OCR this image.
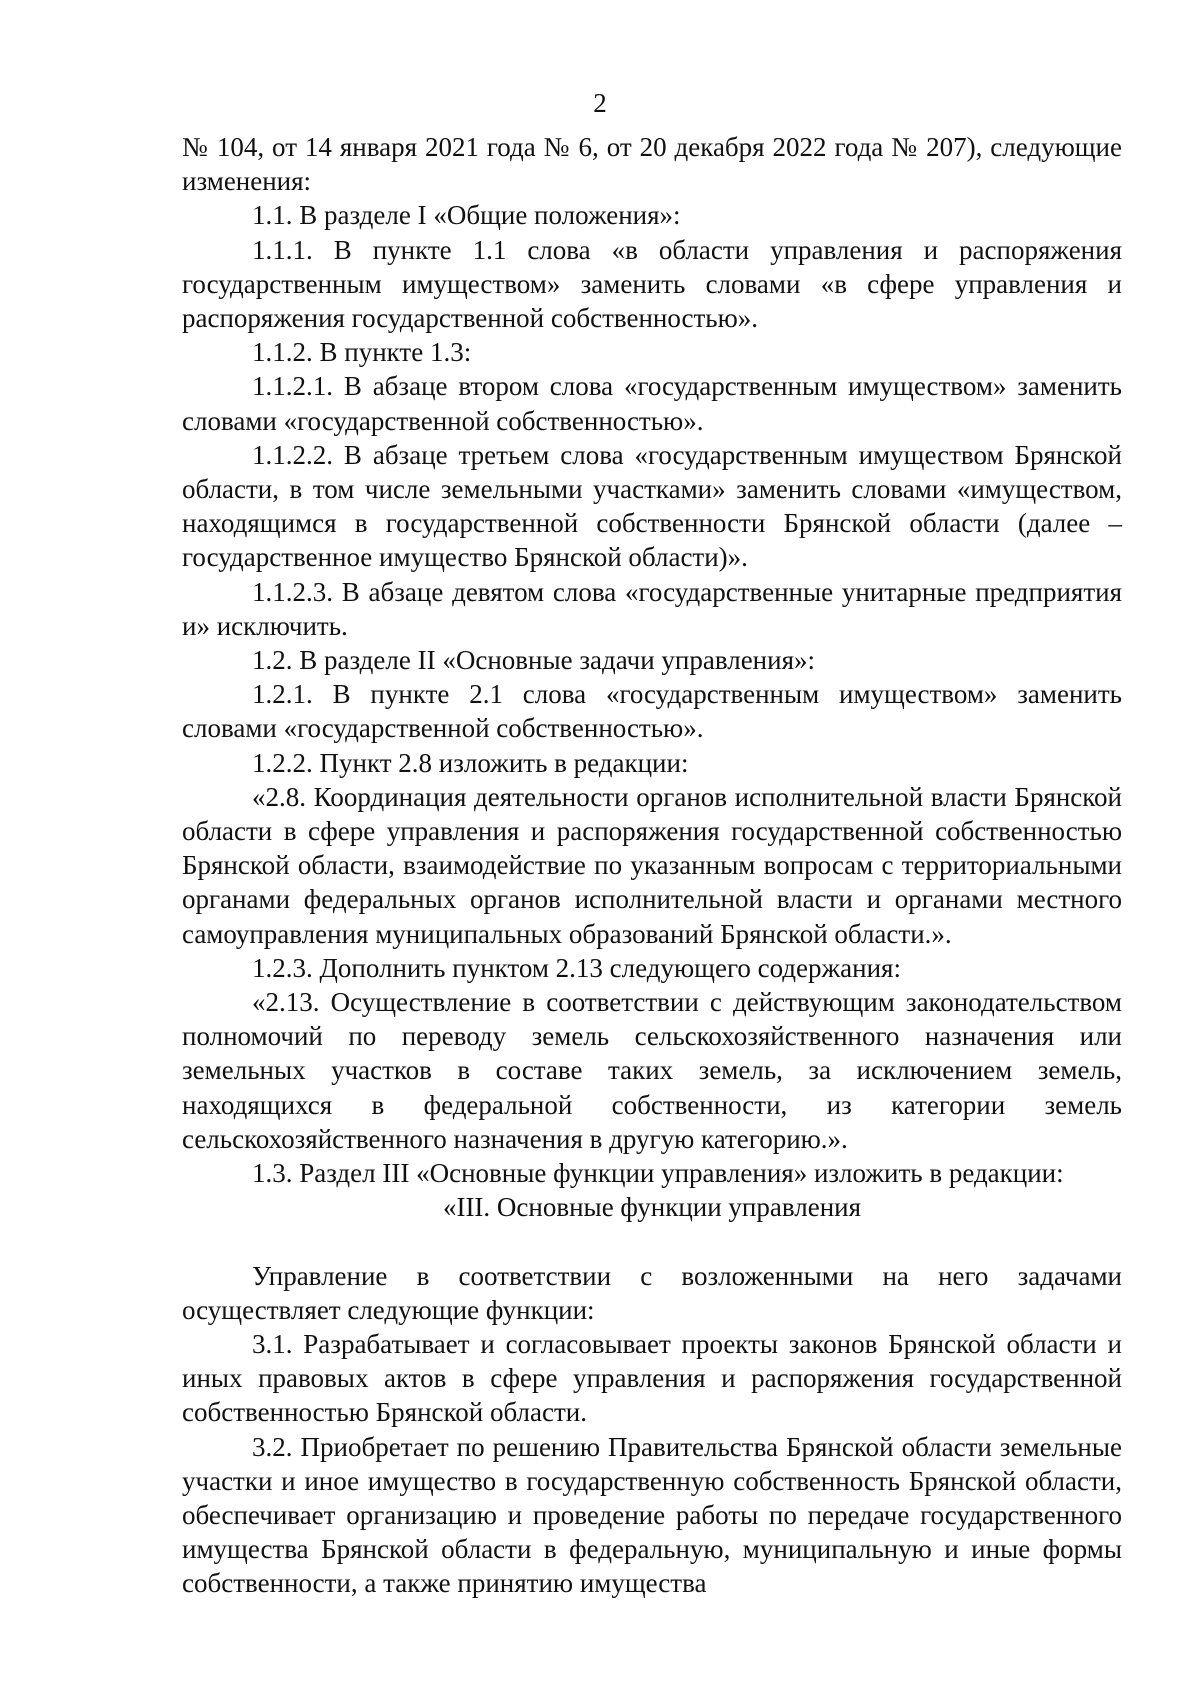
2

№ 104, от 14 января 2021 года № 6, от 20 декабря 2022 года № 207), следующие изменения:

1.1. В разделе I «Общие положения»:

1.1.1. В пункте 1.1 слова «в области управления и распоряжения государственным имуществом» заменить словами «в сфере управления и распоряжения государственной собственностью».

1.1.2. В пункте 1.3:

1.1.2.1. В абзаце втором слова «государственным имуществом» заменить словами «государственной собственностью».

1.1.2.2. В абзаце третьем слова «государственным имуществом Брянской области, в том числе земельными участками» заменить словами «имуществом, находящимся в государственной собственности Брянской области (далее – государственное имущество Брянской области)».

1.1.2.3. В абзаце девятом слова «государственные унитарные предприятия и» исключить.

1.2. В разделе II «Основные задачи управления»:

1.2.1. В пункте 2.1 слова «государственным имуществом» заменить словами «государственной собственностью».

1.2.2. Пункт 2.8 изложить в редакции:

«2.8. Координация деятельности органов исполнительной власти Брянской области в сфере управления и распоряжения государственной собственностью Брянской области, взаимодействие по указанным вопросам с территориальными органами федеральных органов исполнительной власти и органами местного самоуправления муниципальных образований Брянской области.».

1.2.3. Дополнить пунктом 2.13 следующего содержания:

«2.13. Осуществление в соответствии с действующим законодательством полномочий по переводу земель сельскохозяйственного назначения или земельных участков в составе таких земель, за исключением земель, находящихся в федеральной собственности, из категории земель сельскохозяйственного назначения в другую категорию.».

1.3. Раздел III «Основные функции управления» изложить в редакции:

«III. Основные функции управления

Управление в соответствии с возложенными на него задачами осуществляет следующие функции:

3.1. Разрабатывает и согласовывает проекты законов Брянской области и иных правовых актов в сфере управления и распоряжения государственной собственностью Брянской области.

3.2. Приобретает по решению Правительства Брянской области земельные участки и иное имущество в государственную собственность Брянской области, обеспечивает организацию и проведение работы по передаче государственного имущества Брянской области в федеральную, муниципальную и иные формы собственности, а также принятию имущества
